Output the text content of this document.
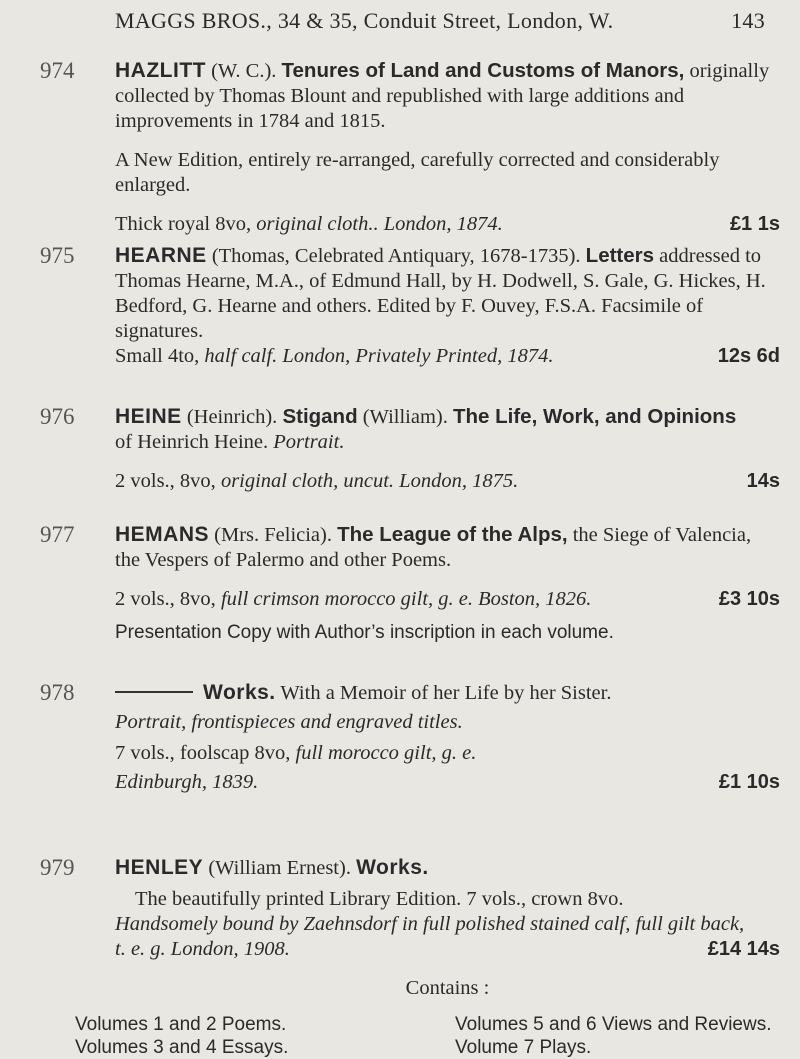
MAGGS BROS., 34 & 35, Conduit Street, London, W.	143
974 HAZLITT (W. C.). Tenures of Land and Customs of Manors, originally collected by Thomas Blount and republished with large additions and improvements in 1784 and 1815.
A New Edition, entirely re-arranged, carefully corrected and considerably enlarged.
Thick royal 8vo, original cloth.. London, 1874.	£1 1s
975 HEARNE (Thomas, Celebrated Antiquary, 1678-1735). Letters addressed to Thomas Hearne, M.A., of Edmund Hall, by H. Dodwell, S. Gale, G. Hickes, H. Bedford, G. Hearne and others. Edited by F. Ouvey, F.S.A. Facsimile of signatures.
Small 4to, half calf. London, Privately Printed, 1874.	12s 6d
976 HEINE (Heinrich). Stigand (William). The Life, Work, and Opinions
of Heinrich Heine. Portrait.
2 vols., 8vo, original cloth, uncut. London, 1875.	14s
977 HEMANS (Mrs. Felicia). The League of the Alps, the Siege of Valencia, the Vespers of Palermo and other Poems.
2 vols., 8vo, full crimson morocco gilt, g. e. Boston, 1826.	£3 10s
Presentation Copy with Author’s inscription in each volume.
978	Works. With a Memoir of her Life by her Sister.
Portrait, frontispieces and engraved titles.
7 vols., foolscap 8vo, full morocco gilt, g. e.
Edinburgh, 1839.	£1 10s
979 HENLEY (William Ernest). Works.
The beautifully printed Library Edition. 7 vols., crown 8vo.
Handsomely bound by Zaehnsdorf in full polished stained calf, full gilt back, t. e. g. London, 1908.	£14 14s
Contains :
Volumes 1 and 2 Poems.	Volumes 5 and 6 Views and Reviews.
Volumes 3 and 4 Essays.	Volume 7 Plays.
